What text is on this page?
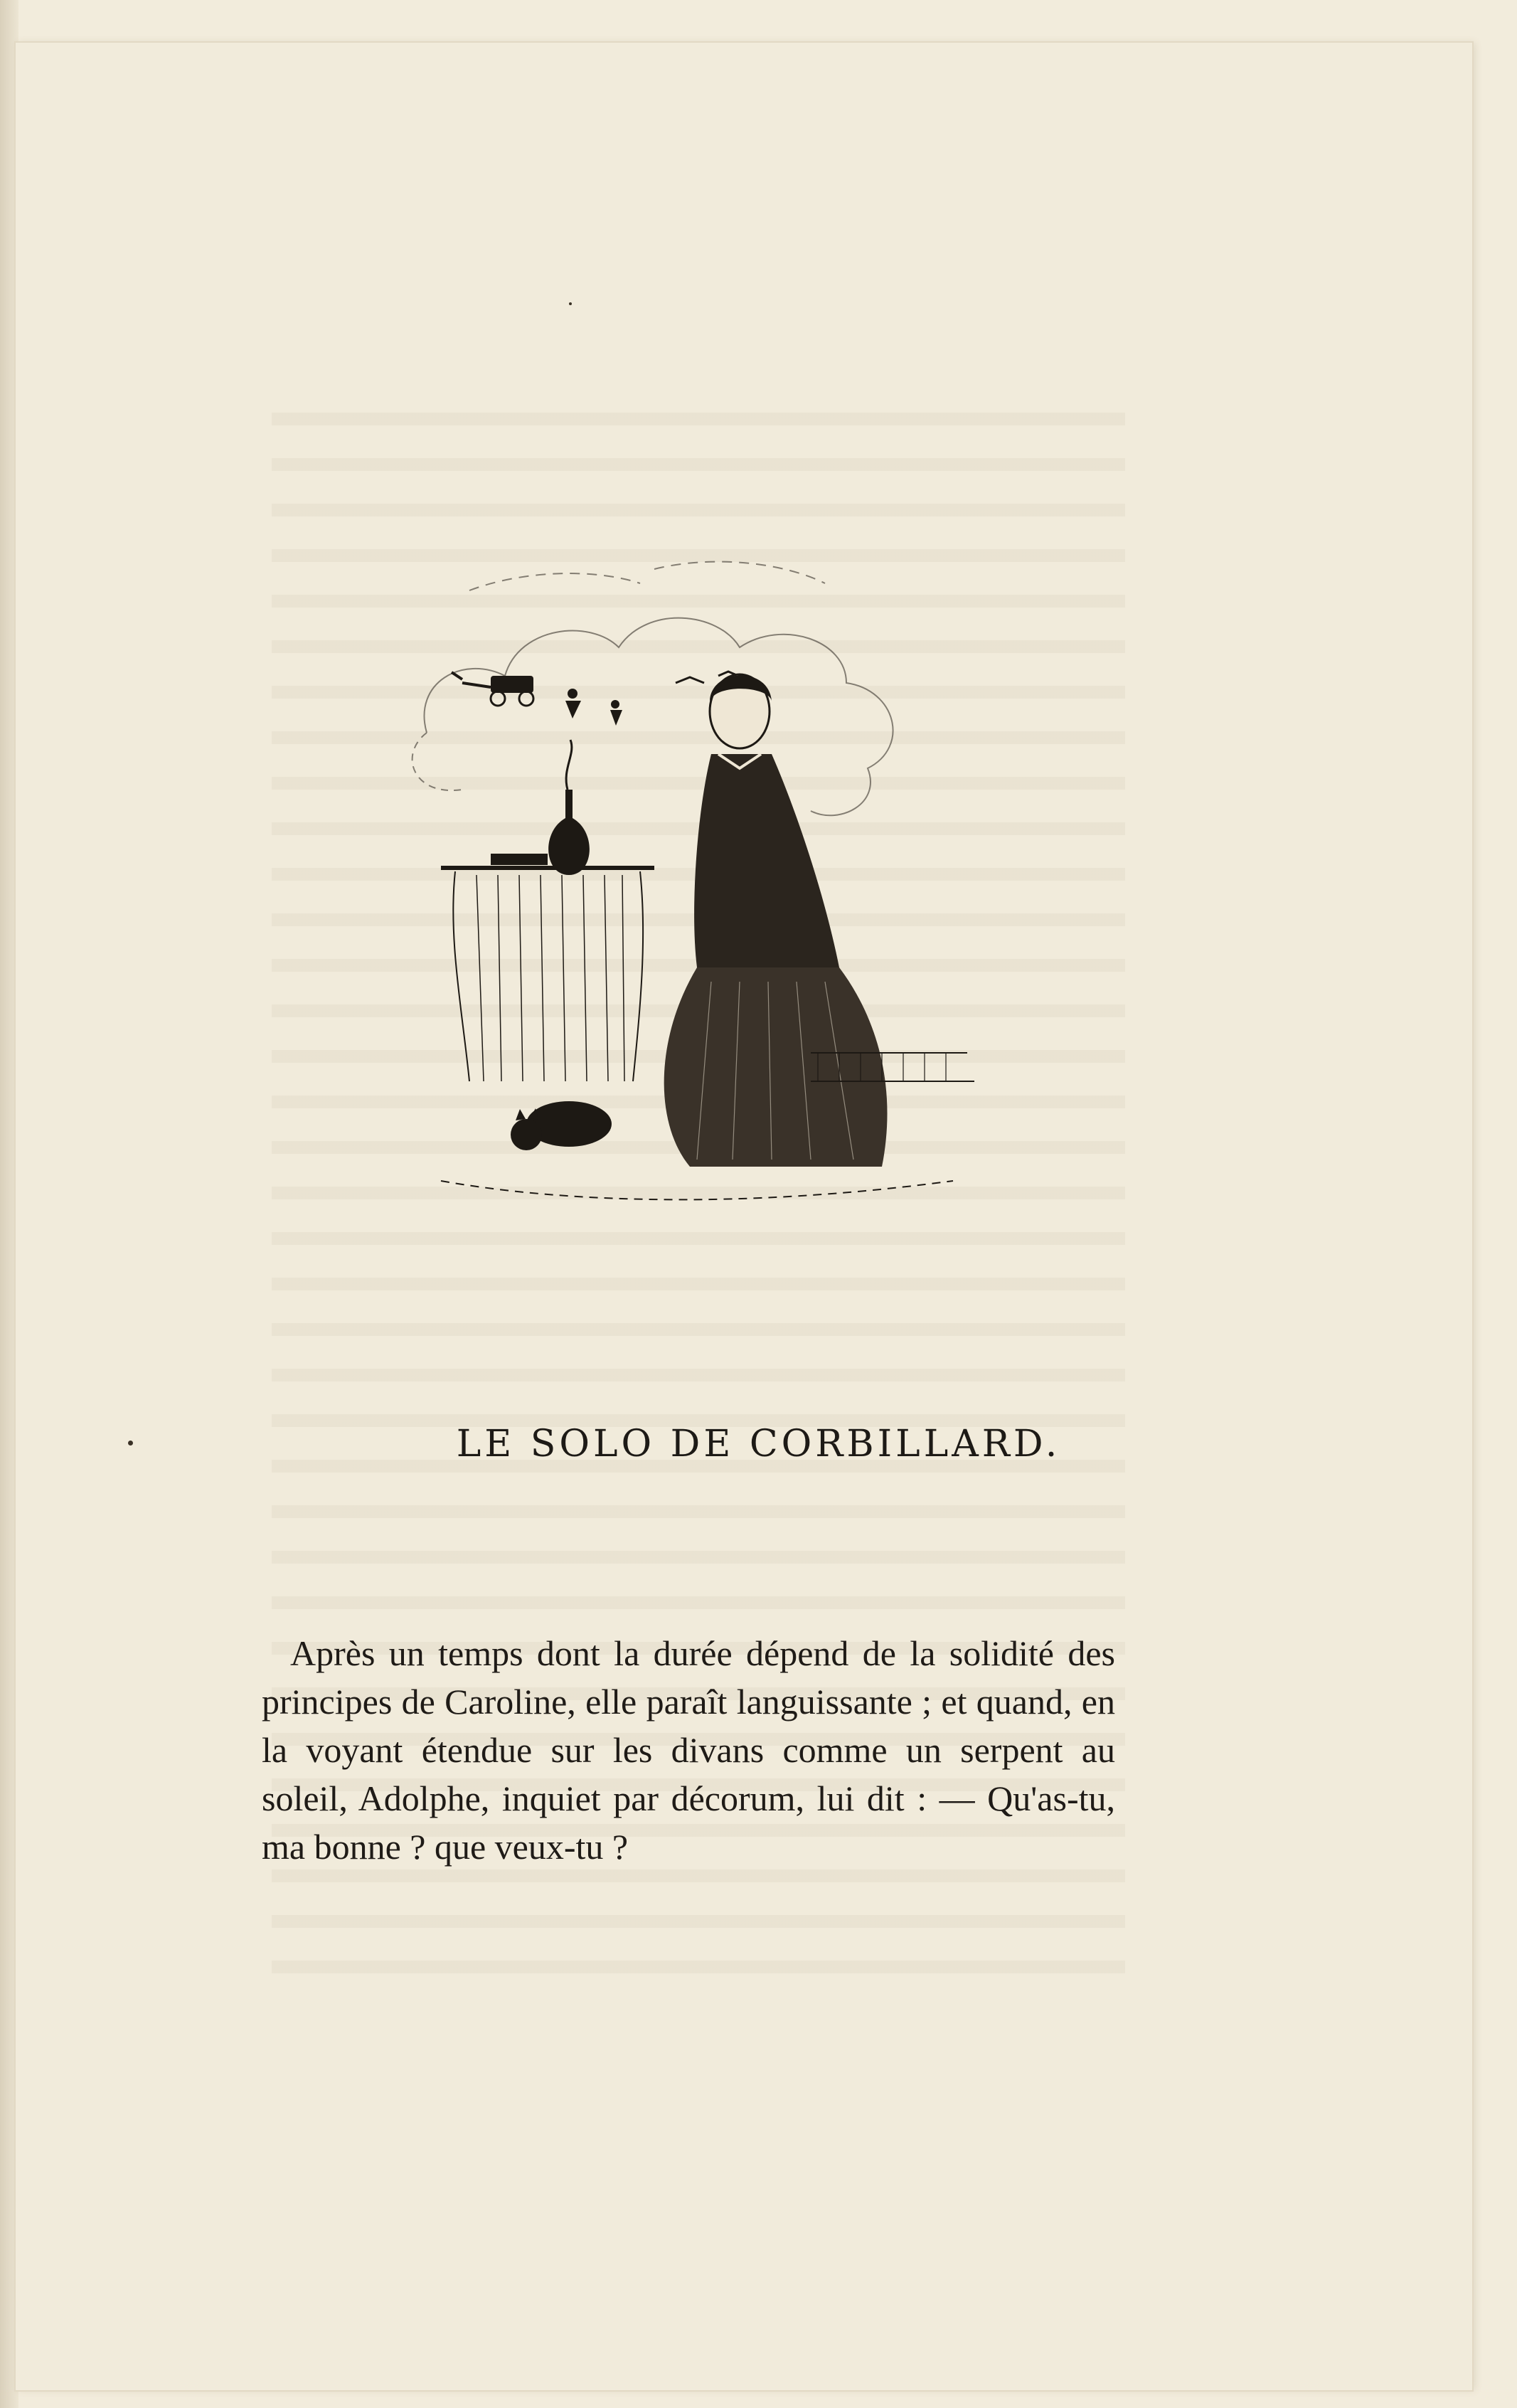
LE SOLO DE CORBILLARD.

Après un temps dont la durée dépend de la solidité des principes de Caroline, elle paraît languissante ; et quand, en la voyant étendue sur les divans comme un serpent au soleil, Adolphe, inquiet par décorum, lui dit : — Qu'as-tu, ma bonne ? que veux-tu ?
